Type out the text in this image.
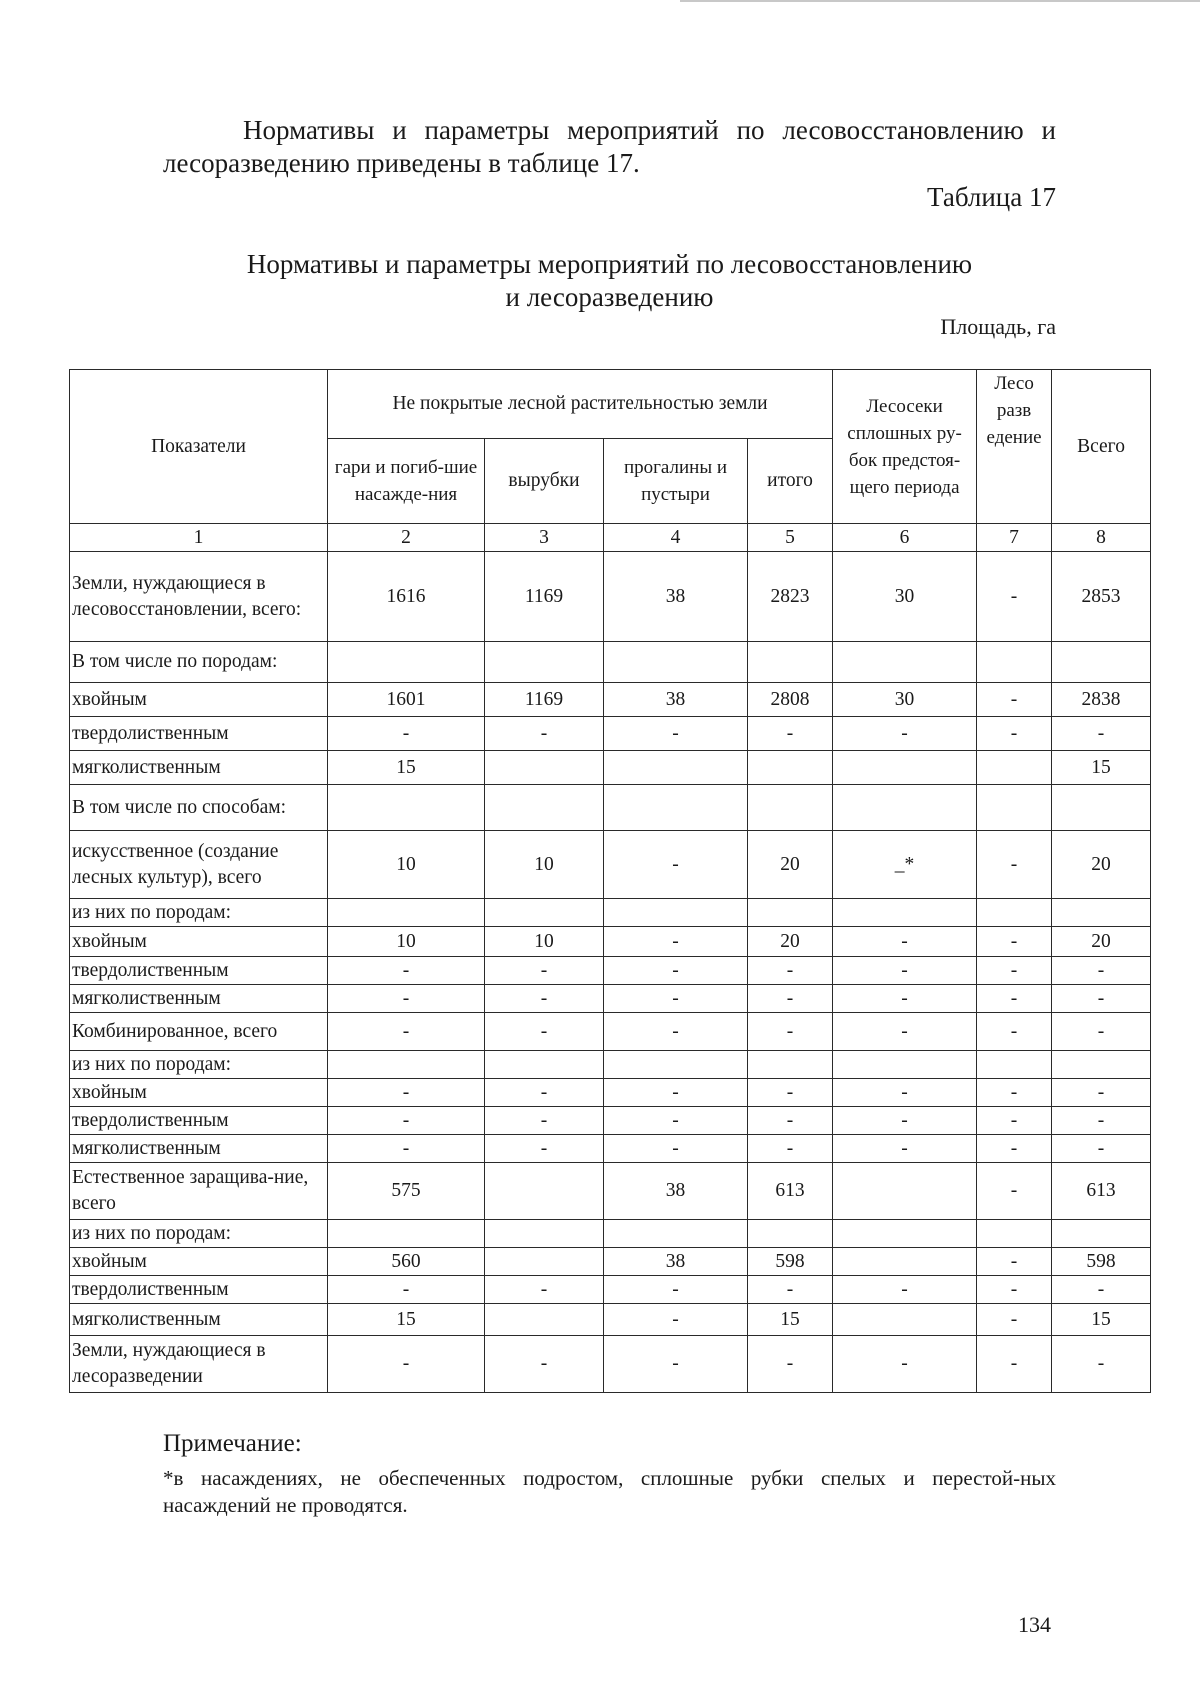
Нормативы и параметры мероприятий по лесовосстановлению и лесоразведению приведены в таблице 17.

Таблица 17
Нормативы и параметры мероприятий по лесовосстановлению
и лесоразведению
Площадь, га
Показатели	Не покрытые лесной растительностью земли				Лесосеки сплошных ру-бок предстоя-щего периода	Лесо разв едение	Всего
	гари и погиб-шие насажде-ния	вырубки	прогалины и пустыри	итого			
1	2	3	4	5	6	7	8
Земли, нуждающиеся в лесовосстановлении, всего:	1616	1169	38	2823	30	-	2853
В том числе по породам:							
хвойным	1601	1169	38	2808	30	-	2838
твердолиственным	-	-	-	-	-	-	-
мягколиственным	15						15
В том числе по способам:							
искусственное (создание лесных культур), всего	10	10	-	20	_*	-	20
из них по породам:							
хвойным	10	10	-	20	-	-	20
твердолиственным	-	-	-	-	-	-	-
мягколиственным	-	-	-	-	-	-	-
Комбинированное, всего	-	-	-	-	-	-	-
из них по породам:							
хвойным	-	-	-	-	-	-	-
твердолиственным	-	-	-	-	-	-	-
мягколиственным	-	-	-	-	-	-	-
Естественное заращива-ние, всего	575		38	613		-	613
из них по породам:							
хвойным	560		38	598		-	598
твердолиственным	-	-	-	-	-	-	-
мягколиственным	15		-	15		-	15
Земли, нуждающиеся в лесоразведении	-	-	-	-	-	-	-
Примечание:

*в насаждениях, не обеспеченных подростом, сплошные рубки спелых и перестой-ных насаждений не проводятся.

134
